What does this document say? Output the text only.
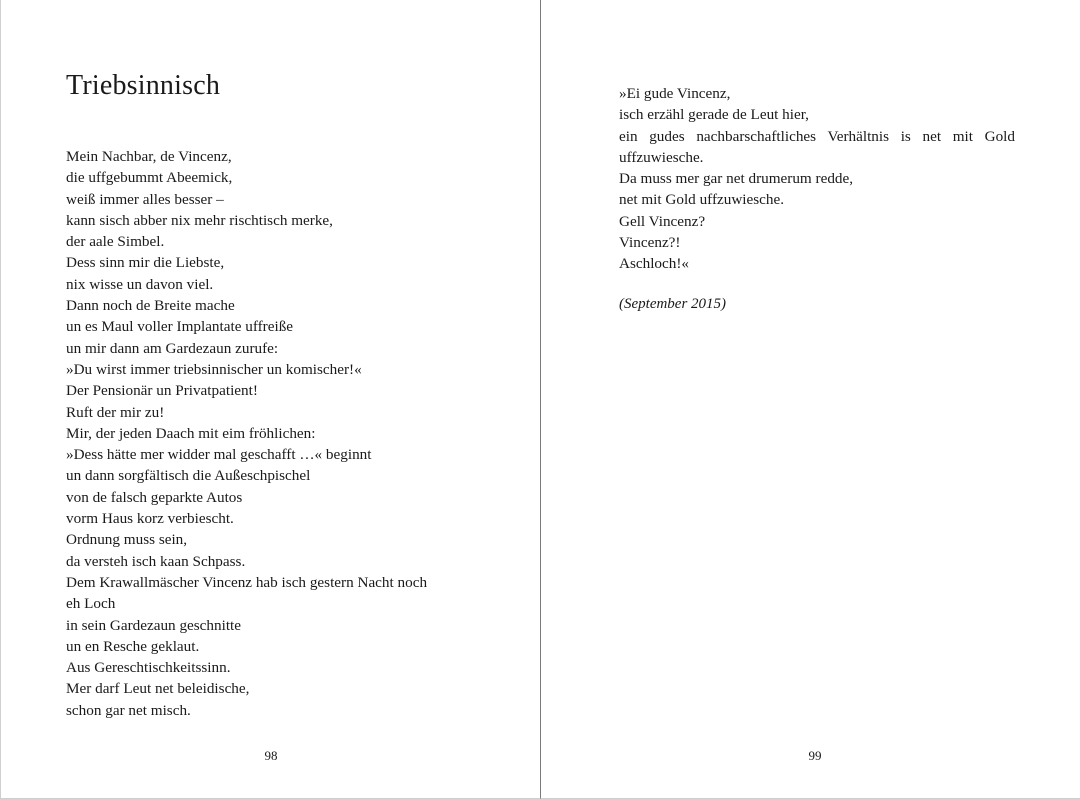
Triebsinnisch
Mein Nachbar, de Vincenz,
die uffgebummt Abeemick,
weiß immer alles besser –
kann sisch abber nix mehr rischtisch merke,
der aale Simbel.
Dess sinn mir die Liebste,
nix wisse un davon viel.
Dann noch de Breite mache
un es Maul voller Implantate uffreiße
un mir dann am Gardezaun zurufe:
»Du wirst immer triebsinnischer un komischer!«
Der Pensionär un Privatpatient!
Ruft der mir zu!
Mir, der jeden Daach mit eim fröhlichen:
»Dess hätte mer widder mal geschafft …« beginnt
un dann sorgfältisch die Außeschpischel
von de falsch geparkte Autos
vorm Haus korz verbiescht.
Ordnung muss sein,
da versteh isch kaan Schpass.
Dem Krawallmäscher Vincenz hab isch gestern Nacht noch
eh Loch
in sein Gardezaun geschnitte
un en Resche geklaut.
Aus Gereschtischkeitssinn.
Mer darf Leut net beleidische,
schon gar net misch.

98

»Ei gude Vincenz,
isch erzähl gerade de Leut hier,
ein gudes nachbarschaftliches Verhältnis is net mit Gold
uffzuwiesche.
Da muss mer gar net drumerum redde,
net mit Gold uffzuwiesche.
Gell Vincenz?
Vincenz?!
Aschloch!«

(September 2015)

99
